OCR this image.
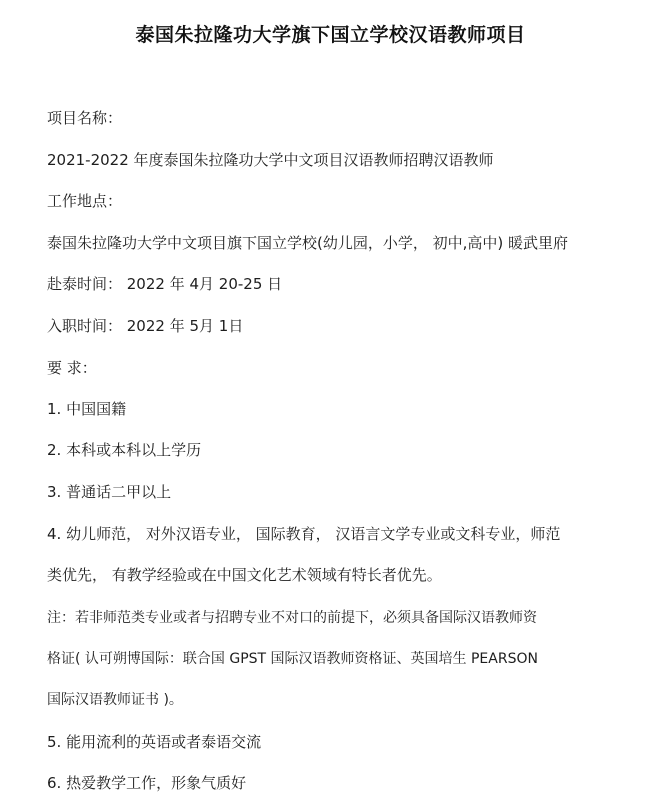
泰国朱拉隆功大学旗下国立学校汉语教师项目
项目名称：
2021-2022 年度泰国朱拉隆功大学中文项目汉语教师招聘汉语教师
工作地点：
泰国朱拉隆功大学中文项目旗下国立学校(幼儿园，小学， 初中,高中) 暖武里府
赴泰时间： 2022 年 4月 20-25 日
入职时间： 2022 年 5月 1日
要 求：
1. 中国国籍
2. 本科或本科以上学历
3. 普通话二甲以上
4. 幼儿师范， 对外汉语专业， 国际教育， 汉语言文学专业或文科专业，师范
类优先， 有教学经验或在中国文化艺术领域有特长者优先。
注：若非师范类专业或者与招聘专业不对口的前提下，必须具备国际汉语教师资
格证( 认可朔博国际：联合国 GPST 国际汉语教师资格证、英国培生 PEARSON
国际汉语教师证书 )。
5. 能用流利的英语或者泰语交流
6. 热爱教学工作，形象气质好
